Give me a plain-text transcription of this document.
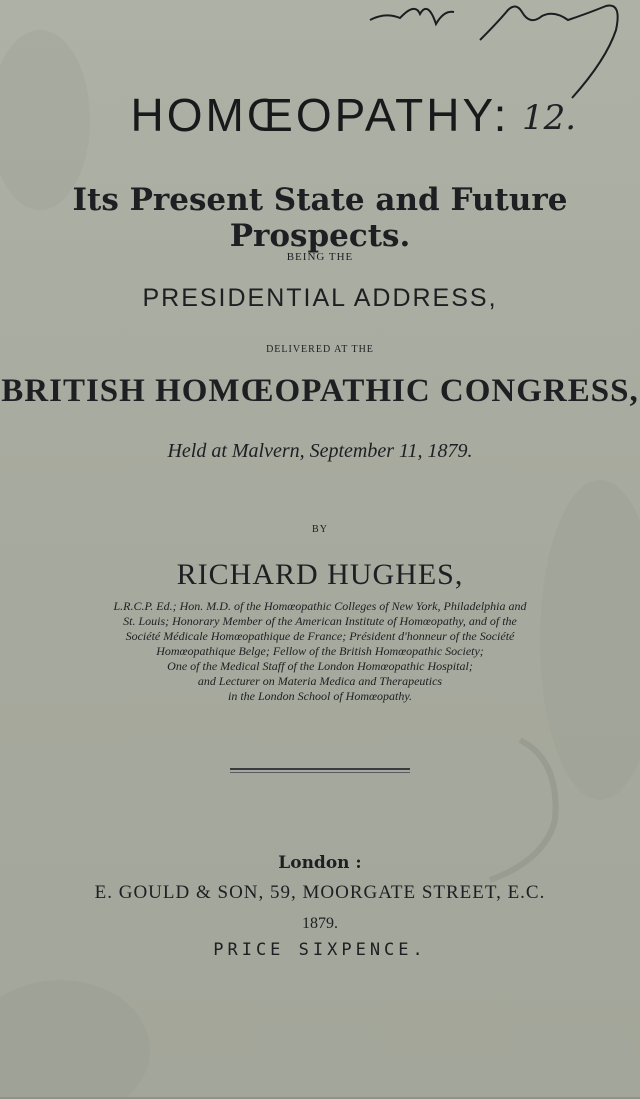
HOMŒOPATHY: 12.
Its Present State and Future Prospects.
BEING THE
PRESIDENTIAL ADDRESS,
DELIVERED AT THE
BRITISH HOMŒOPATHIC CONGRESS,
Held at Malvern, September 11, 1879.
BY
RICHARD HUGHES,
L.R.C.P. Ed.; Hon. M.D. of the Homœopathic Colleges of New York, Philadelphia and
St. Louis; Honorary Member of the American Institute of Homœopathy, and of the
Société Médicale Homœopathique de France; Président d'honneur of the Société
Homœopathique Belge; Fellow of the British Homœopathic Society;
One of the Medical Staff of the London Homœopathic Hospital;
and Lecturer on Materia Medica and Therapeutics
in the London School of Homœopathy.
London :
E. GOULD & SON, 59, MOORGATE STREET, E.C.
1879.
PRICE SIXPENCE.
